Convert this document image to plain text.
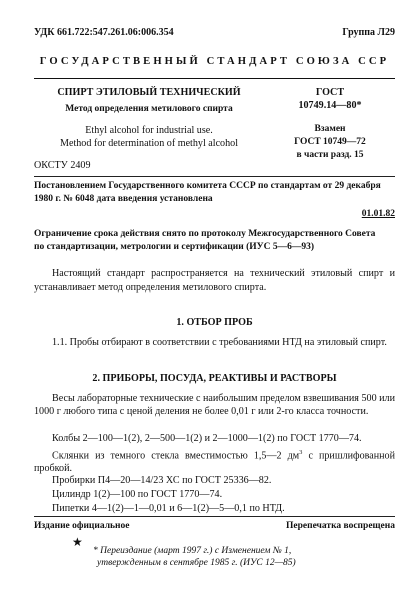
УДК 661.722:547.261.06:006.354	Группа Л29
ГОСУДАРСТВЕННЫЙ СТАНДАРТ СОЮЗА ССР
СПИРТ ЭТИЛОВЫЙ ТЕХНИЧЕСКИЙ
Метод определения метилового спирта
Ethyl alcohol for industrial use.
Method for determination of methyl alcohol
ГОСТ
10749.14—80*
Взамен
ГОСТ 10749—72
в части разд. 15
ОКСТУ 2409
Постановлением Государственного комитета СССР по стандартам от 29 декабря
1980 г. № 6048 дата введения установлена
01.01.82
Ограничение срока действия снято по протоколу Межгосударственного Совета
по стандартизации, метрологии и сертификации (ИУС 5—6—93)
Настоящий стандарт распространяется на технический этиловый спирт и устанавливает метод определения метилового спирта.
1. ОТБОР ПРОБ
1.1. Пробы отбирают в соответствии с требованиями НТД на этиловый спирт.
2. ПРИБОРЫ, ПОСУДА, РЕАКТИВЫ И РАСТВОРЫ
Весы лабораторные технические с наибольшим пределом взвешивания 500 или 1000 г любого типа с ценой деления не более 0,01 г или 2-го класса точности.
Колбы 2—100—1(2), 2—500—1(2) и 2—1000—1(2) по ГОСТ 1770—74.
Склянки из темного стекла вместимостью 1,5—2 $дм^3$ с пришлифованной пробкой.
Пробирки П4—20—14/23 ХС по ГОСТ 25336—82.
Цилиндр 1(2)—100 по ГОСТ 1770—74.
Пипетки 4—1(2)—1—0,01 и 6—1(2)—5—0,1 по НТД.
Издание официальное	Перепечатка воспрещена
★
* Переиздание (март 1997 г.) с Изменением № 1,
утвержденным в сентябре 1985 г. (ИУС 12—85)
